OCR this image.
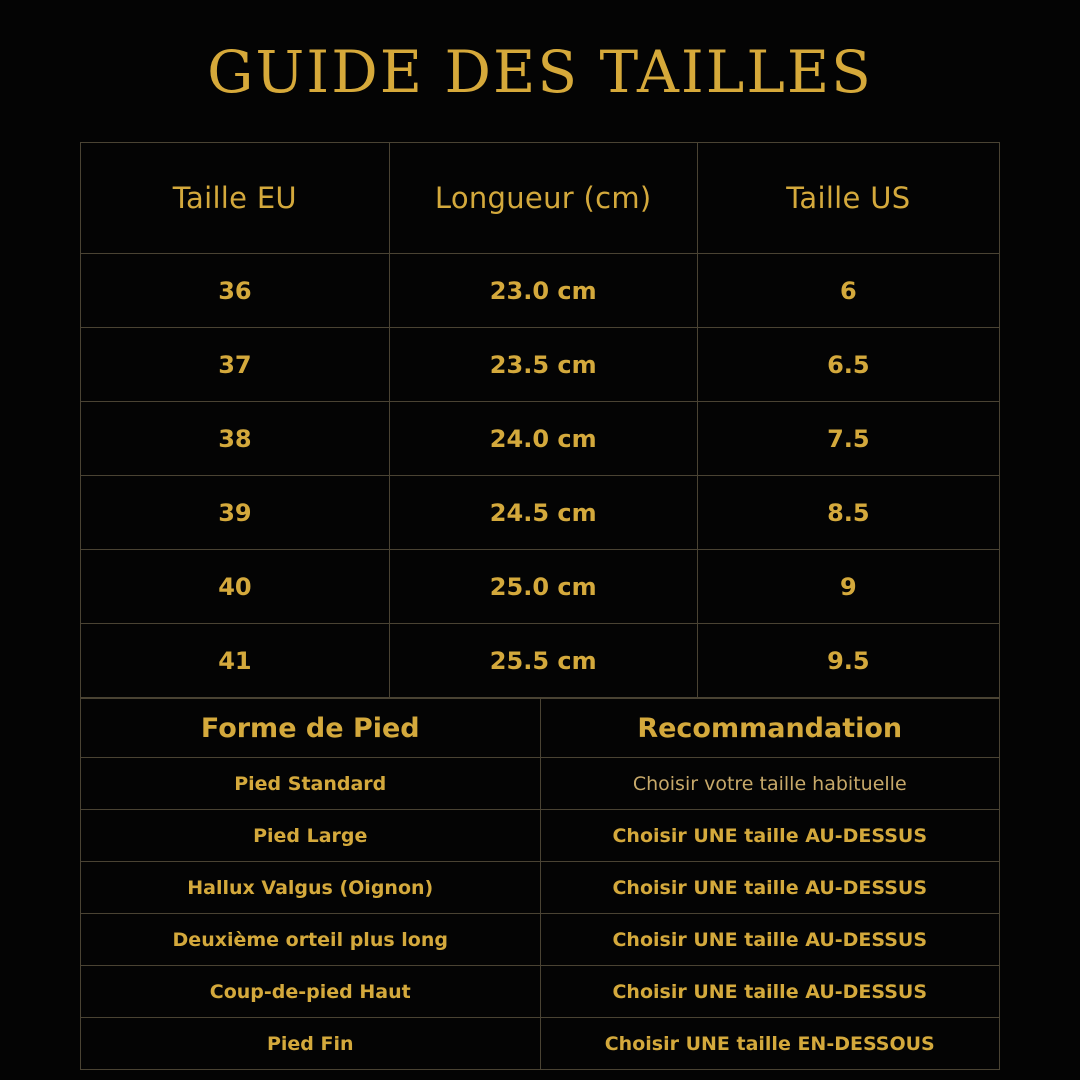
GUIDE DES TAILLES
Taille EU	Longueur (cm)	Taille US
36	23.0 cm	6
37	23.5 cm	6.5
38	24.0 cm	7.5
39	24.5 cm	8.5
40	25.0 cm	9
41	25.5 cm	9.5
Forme de Pied	Recommandation
Pied Standard	Choisir votre taille habituelle
Pied Large	Choisir UNE taille AU-DESSUS
Hallux Valgus (Oignon)	Choisir UNE taille AU-DESSUS
Deuxième orteil plus long	Choisir UNE taille AU-DESSUS
Coup-de-pied Haut	Choisir UNE taille AU-DESSUS
Pied Fin	Choisir UNE taille EN-DESSOUS
